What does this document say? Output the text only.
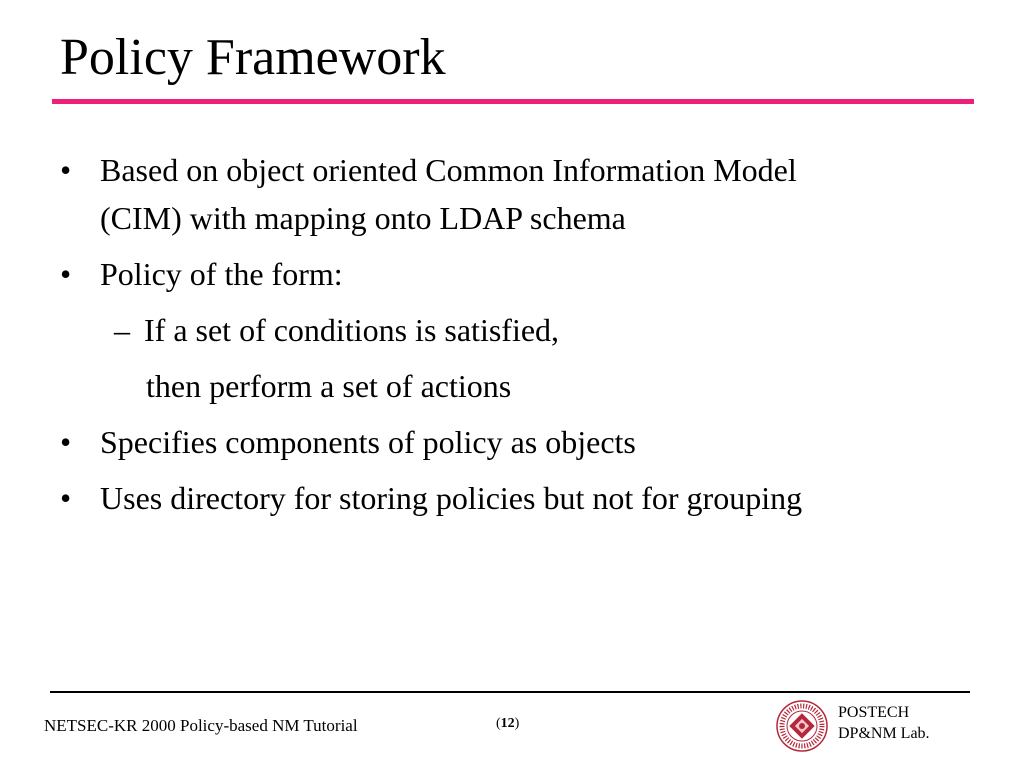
Policy Framework
• Based on object oriented Common Information Model
(CIM) with mapping onto LDAP schema
• Policy of the form:
– If a set of conditions is satisfied,
then perform a set of actions
• Specifies components of policy as objects
• Uses directory for storing policies but not for grouping
NETSEC-KR 2000 Policy-based NM Tutorial	(12)
POSTECH
DP&NM Lab.
